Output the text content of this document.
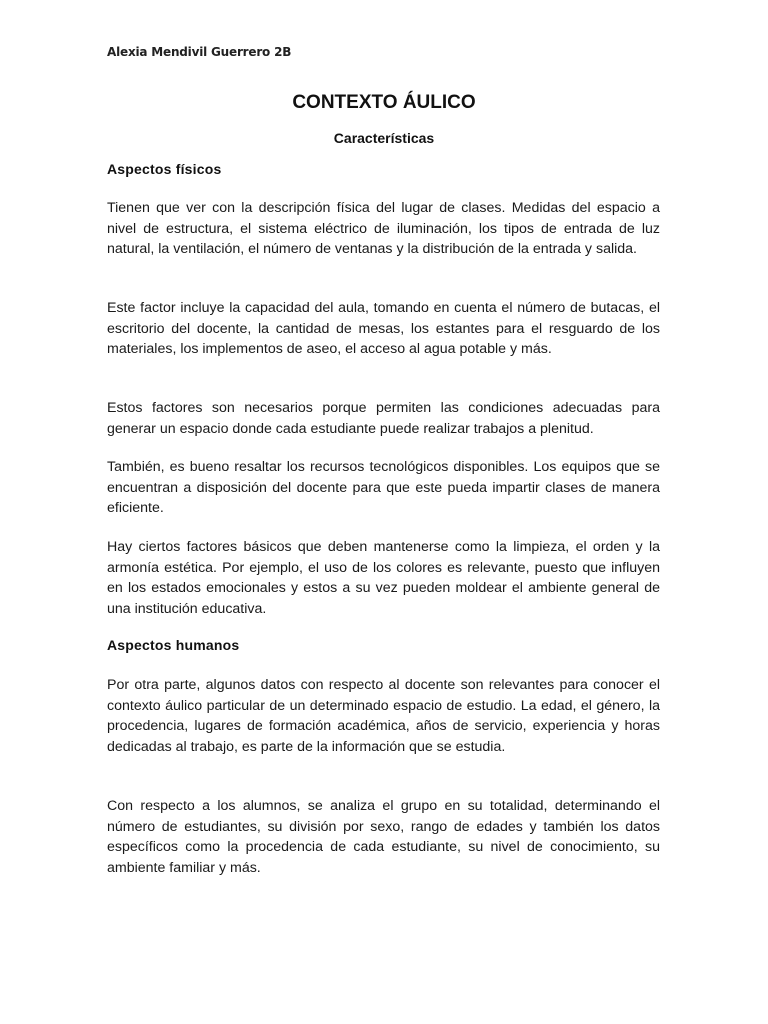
Alexia Mendivil Guerrero 2B
CONTEXTO ÁULICO
Características
Aspectos físicos

Tienen que ver con la descripción física del lugar de clases. Medidas del espacio a nivel de estructura, el sistema eléctrico de iluminación, los tipos de entrada de luz natural, la ventilación, el número de ventanas y la distribución de la entrada y salida.

Este factor incluye la capacidad del aula, tomando en cuenta el número de butacas, el escritorio del docente, la cantidad de mesas, los estantes para el resguardo de los materiales, los implementos de aseo, el acceso al agua potable y más.

Estos factores son necesarios porque permiten las condiciones adecuadas para generar un espacio donde cada estudiante puede realizar trabajos a plenitud.

También, es bueno resaltar los recursos tecnológicos disponibles. Los equipos que se encuentran a disposición del docente para que este pueda impartir clases de manera eficiente.

Hay ciertos factores básicos que deben mantenerse como la limpieza, el orden y la armonía estética. Por ejemplo, el uso de los colores es relevante, puesto que influyen en los estados emocionales y estos a su vez pueden moldear el ambiente general de una institución educativa.

Aspectos humanos

Por otra parte, algunos datos con respecto al docente son relevantes para conocer el contexto áulico particular de un determinado espacio de estudio. La edad, el género, la procedencia, lugares de formación académica, años de servicio, experiencia y horas dedicadas al trabajo, es parte de la información que se estudia.

Con respecto a los alumnos, se analiza el grupo en su totalidad, determinando el número de estudiantes, su división por sexo, rango de edades y también los datos específicos como la procedencia de cada estudiante, su nivel de conocimiento, su ambiente familiar y más.
